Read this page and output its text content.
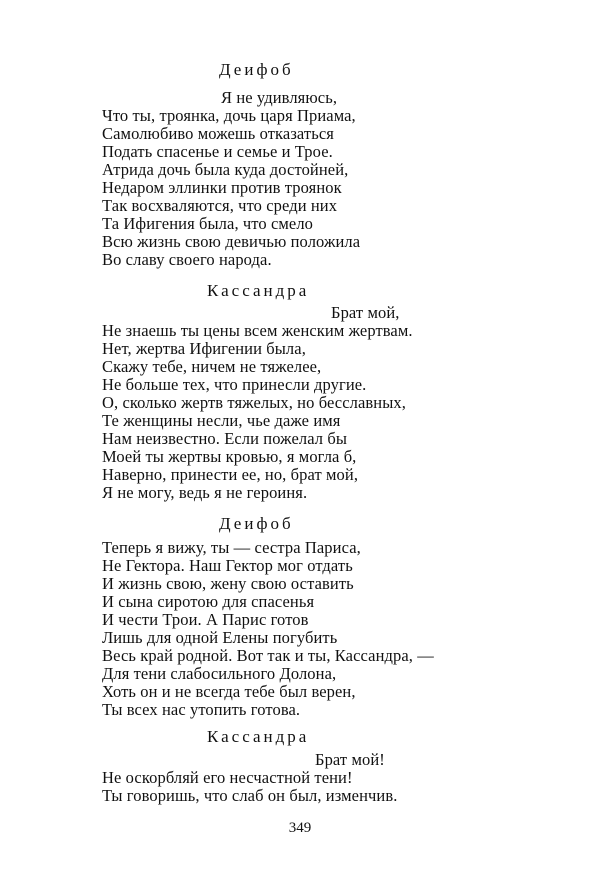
Деифоб
Я не удивляюсь,
Что ты, троянка, дочь царя Приама,
Самолюбиво можешь отказаться
Подать спасенье и семье и Трое.
Атрида дочь была куда достойней,
Недаром эллинки против троянок
Так восхваляются, что среди них
Та Ифигения была, что смело
Всю жизнь свою девичью положила
Во славу своего народа.
Кассандра
Брат мой,
Не знаешь ты цены всем женским жертвам.
Нет, жертва Ифигении была,
Скажу тебе, ничем не тяжелее,
Не больше тех, что принесли другие.
О, сколько жертв тяжелых, но бесславных,
Те женщины несли, чье даже имя
Нам неизвестно. Если пожелал бы
Моей ты жертвы кровью, я могла б,
Наверно, принести ее, но, брат мой,
Я не могу, ведь я не героиня.
Деифоб
Теперь я вижу, ты — сестра Париса,
Не Гектора. Наш Гектор мог отдать
И жизнь свою, жену свою оставить
И сына сиротою для спасенья
И чести Трои. А Парис готов
Лишь для одной Елены погубить
Весь край родной. Вот так и ты, Кассандра, —
Для тени слабосильного Долона,
Хоть он и не всегда тебе был верен,
Ты всех нас утопить готова.
Кассандра
Брат мой!
Не оскорбляй его несчастной тени!
Ты говоришь, что слаб он был, изменчив.
349
